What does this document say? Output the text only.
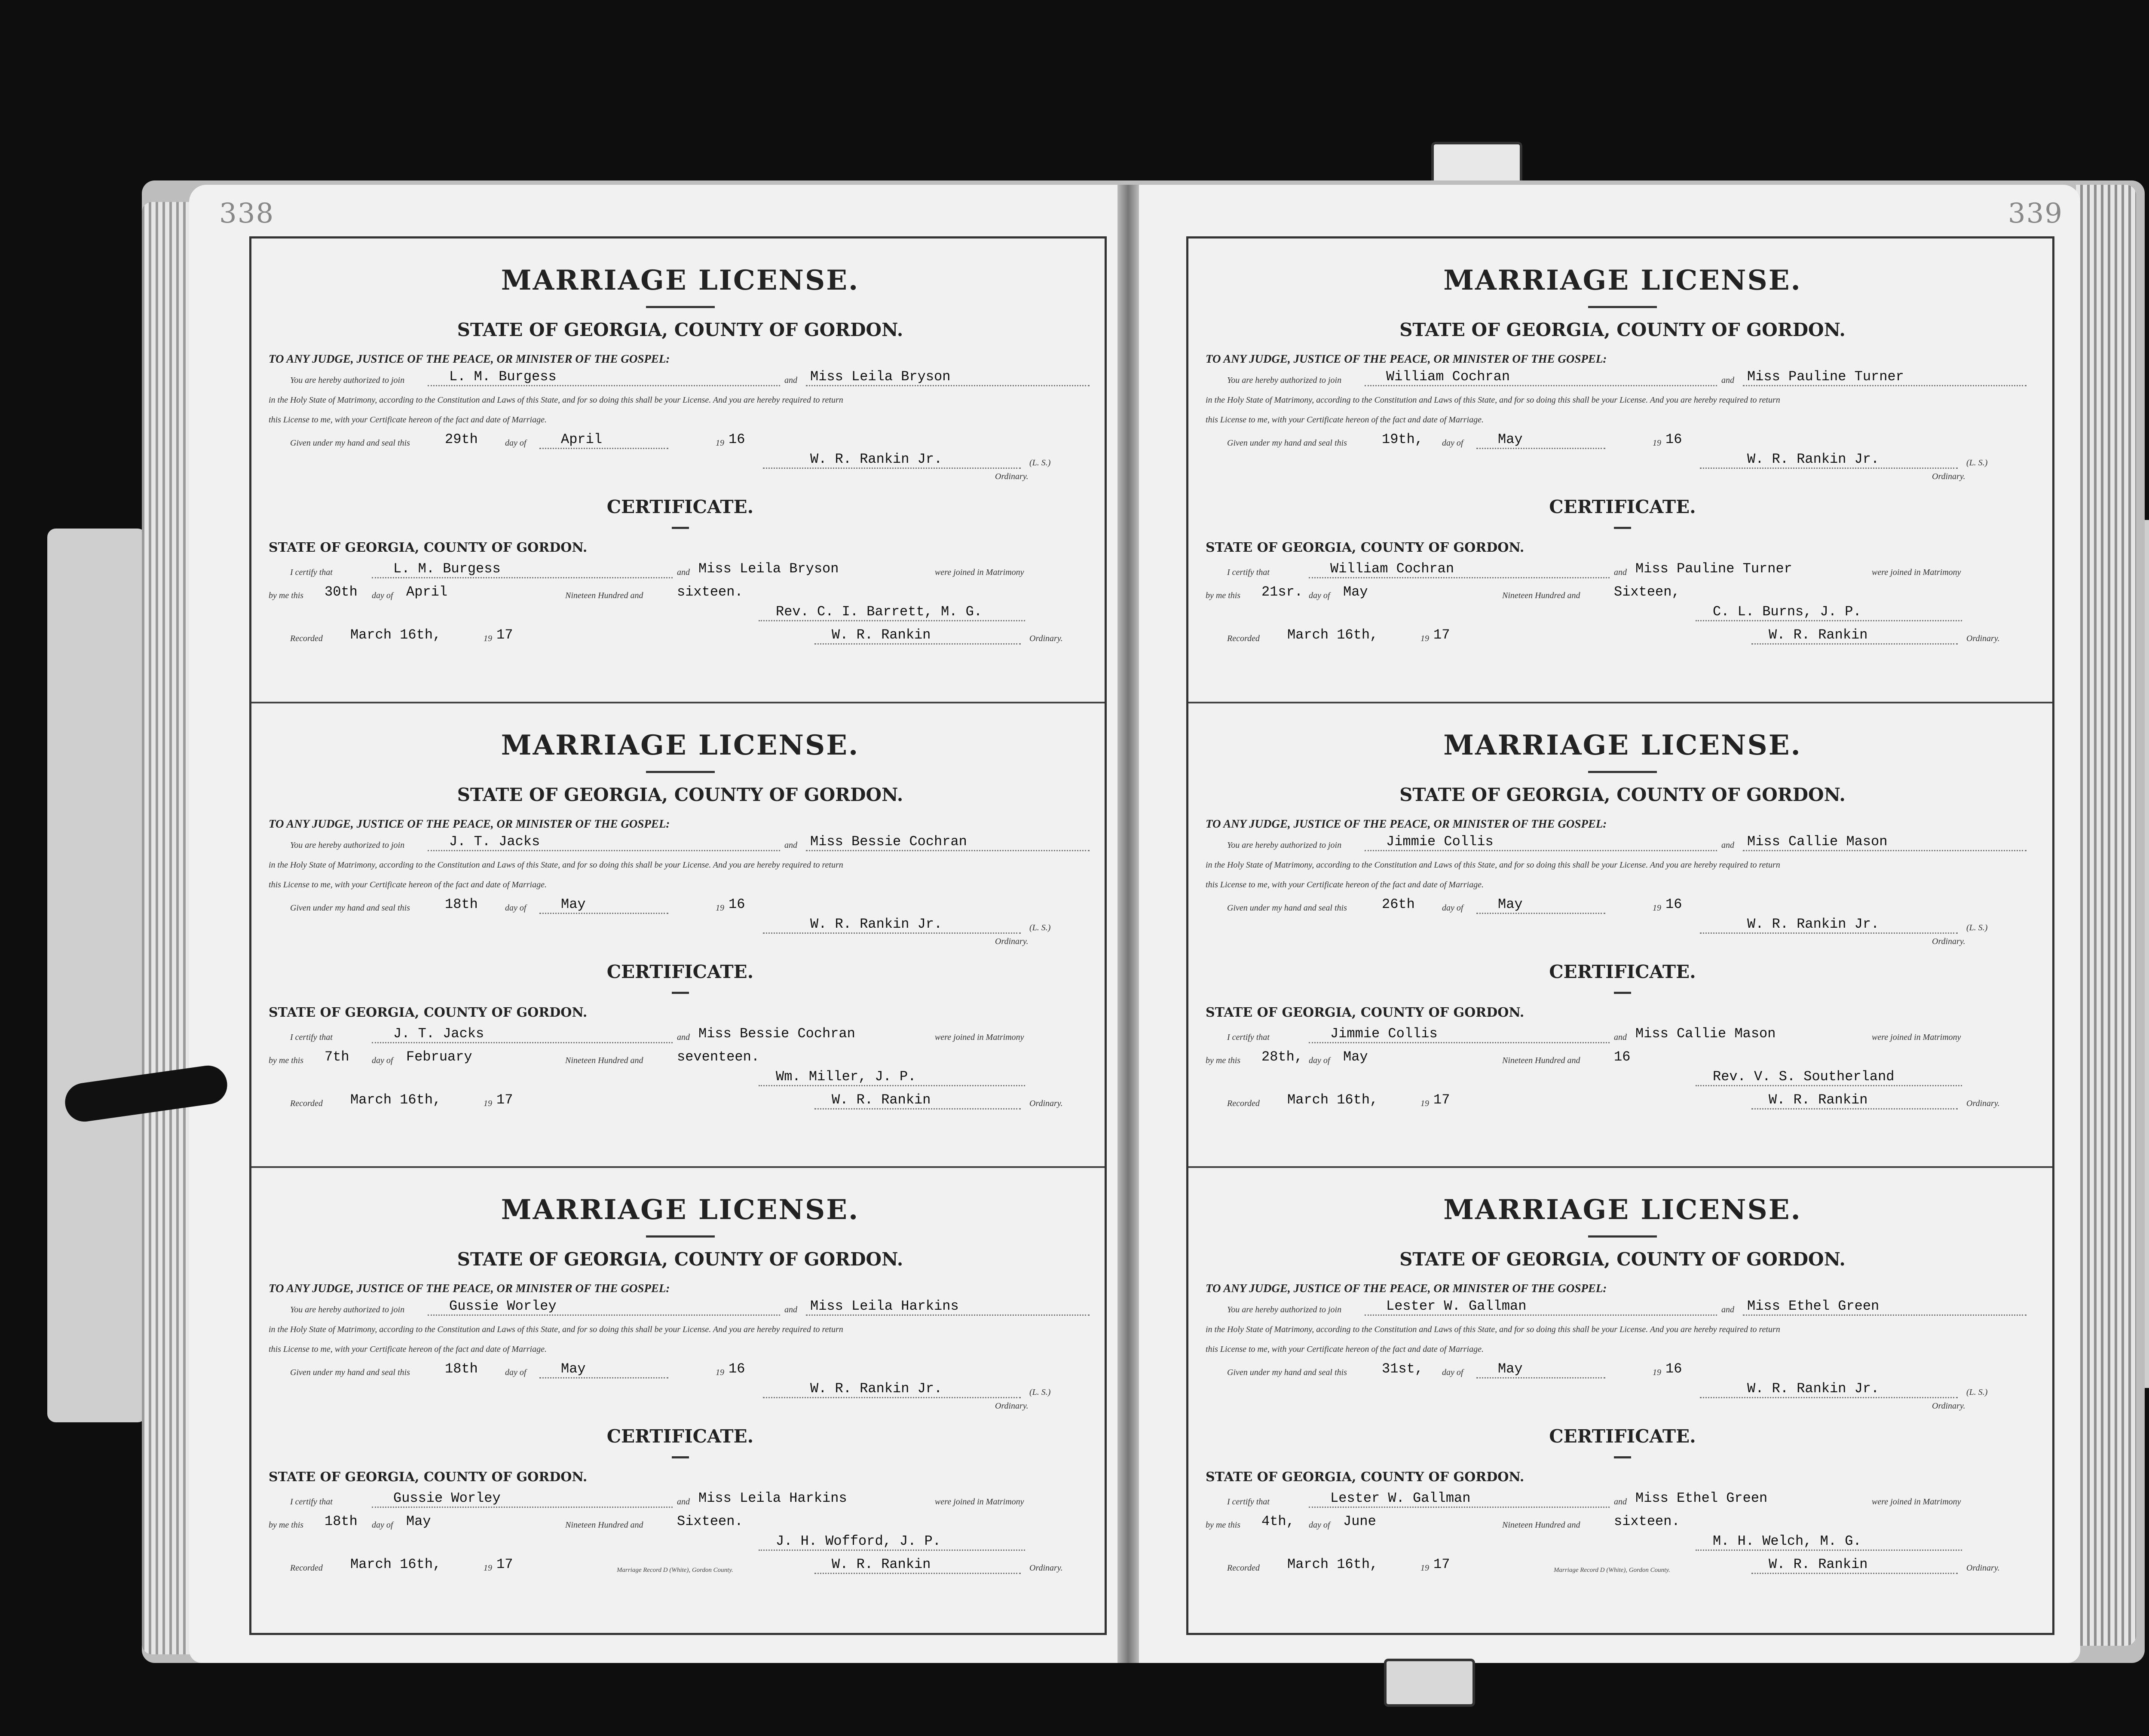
338
MARRIAGE LICENSE.
STATE OF GEORGIA, COUNTY OF GORDON.
TO ANY JUDGE, JUSTICE OF THE PEACE, OR MINISTER OF THE GOSPEL:
You are hereby authorized to join	L. M. Burgess	and Miss Leila Bryson
in the Holy State of Matrimony, according to the Constitution and Laws of this State, and for so doing this shall be your License. And you are hereby required to return
this License to me, with your Certificate hereon of the fact and date of Marriage.
Given under my hand and seal this	29th	day of	April	19 16
W. R. Rankin Jr.	(L. S.)
Ordinary.
CERTIFICATE.
STATE OF GEORGIA, COUNTY OF GORDON.
I certify that	L. M. Burgess	and Miss Leila Bryson	were joined in Matrimony
by me this 30th day of April	Nineteen Hundred and sixteen.
Rev. C. I. Barrett, M. G.
Recorded March 16th,	19 17	W. R. Rankin	Ordinary.
MARRIAGE LICENSE.
STATE OF GEORGIA, COUNTY OF GORDON.
TO ANY JUDGE, JUSTICE OF THE PEACE, OR MINISTER OF THE GOSPEL:
You are hereby authorized to join	J. T. Jacks	and Miss Bessie Cochran
in the Holy State of Matrimony, according to the Constitution and Laws of this State, and for so doing this shall be your License. And you are hereby required to return
this License to me, with your Certificate hereon of the fact and date of Marriage.
Given under my hand and seal this	18th	day of	May	19 16
W. R. Rankin Jr.	(L. S.)
Ordinary.
CERTIFICATE.
STATE OF GEORGIA, COUNTY OF GORDON.
I certify that	J. T. Jacks	and Miss Bessie Cochran	were joined in Matrimony
by me this 7th	day of February	Nineteen Hundred and seventeen.
Wm. Miller, J. P.
Recorded March 16th,	19 17	W. R. Rankin	Ordinary.
MARRIAGE LICENSE.
STATE OF GEORGIA, COUNTY OF GORDON.
TO ANY JUDGE, JUSTICE OF THE PEACE, OR MINISTER OF THE GOSPEL:
You are hereby authorized to join	Gussie Worley	and Miss Leila Harkins
in the Holy State of Matrimony, according to the Constitution and Laws of this State, and for so doing this shall be your License. And you are hereby required to return
this License to me, with your Certificate hereon of the fact and date of Marriage.
Given under my hand and seal this	18th	day of	May	19 16
W. R. Rankin Jr.	(L. S.)
Ordinary.
CERTIFICATE.
STATE OF GEORGIA, COUNTY OF GORDON.
I certify that	Gussie Worley	and Miss Leila Harkins	were joined in Matrimony
by me this 18th day of May	Nineteen Hundred and Sixteen.
J. H. Wofford, J. P.
Recorded March 16th,	19 17	Marriage Record D (White), Gordon County.	W. R. Rankin	Ordinary.
339
MARRIAGE LICENSE.
STATE OF GEORGIA, COUNTY OF GORDON.
TO ANY JUDGE, JUSTICE OF THE PEACE, OR MINISTER OF THE GOSPEL:
You are hereby authorized to join	William Cochran	and Miss Pauline Turner
in the Holy State of Matrimony, according to the Constitution and Laws of this State, and for so doing this shall be your License. And you are hereby required to return
this License to me, with your Certificate hereon of the fact and date of Marriage.
Given under my hand and seal this	19th, day of	May	19 16
W. R. Rankin Jr.	(L. S.)
Ordinary.
CERTIFICATE.
STATE OF GEORGIA, COUNTY OF GORDON.
I certify that	William Cochran	and Miss Pauline Turner	were joined in Matrimony
by me this 21sr. day of May	Nineteen Hundred and Sixteen,
C. L. Burns, J. P.
Recorded March 16th,	19 17	W. R. Rankin	Ordinary.
MARRIAGE LICENSE.
STATE OF GEORGIA, COUNTY OF GORDON.
TO ANY JUDGE, JUSTICE OF THE PEACE, OR MINISTER OF THE GOSPEL:
You are hereby authorized to join	Jimmie Collis	and Miss Callie Mason
in the Holy State of Matrimony, according to the Constitution and Laws of this State, and for so doing this shall be your License. And you are hereby required to return
this License to me, with your Certificate hereon of the fact and date of Marriage.
Given under my hand and seal this	26th	day of	May	19 16
W. R. Rankin Jr.	(L. S.)
Ordinary.
CERTIFICATE.
STATE OF GEORGIA, COUNTY OF GORDON.
I certify that	Jimmie Collis	and Miss Callie Mason	were joined in Matrimony
by me this 28th, day of May	Nineteen Hundred and 16
Rev. V. S. Southerland
Recorded March 16th,	19 17	W. R. Rankin	Ordinary.
MARRIAGE LICENSE.
STATE OF GEORGIA, COUNTY OF GORDON.
TO ANY JUDGE, JUSTICE OF THE PEACE, OR MINISTER OF THE GOSPEL:
You are hereby authorized to join	Lester W. Gallman	and Miss Ethel Green
in the Holy State of Matrimony, according to the Constitution and Laws of this State, and for so doing this shall be your License. And you are hereby required to return
this License to me, with your Certificate hereon of the fact and date of Marriage.
Given under my hand and seal this	31st, day of	May	19 16
W. R. Rankin Jr.	(L. S.)
Ordinary.
CERTIFICATE.
STATE OF GEORGIA, COUNTY OF GORDON.
I certify that	Lester W. Gallman	and Miss Ethel Green	were joined in Matrimony
by me this 4th, day of June	Nineteen Hundred and sixteen.
M. H. Welch, M. G.
Recorded March 16th,	19 17	Marriage Record D (White), Gordon County.	W. R. Rankin	Ordinary.
